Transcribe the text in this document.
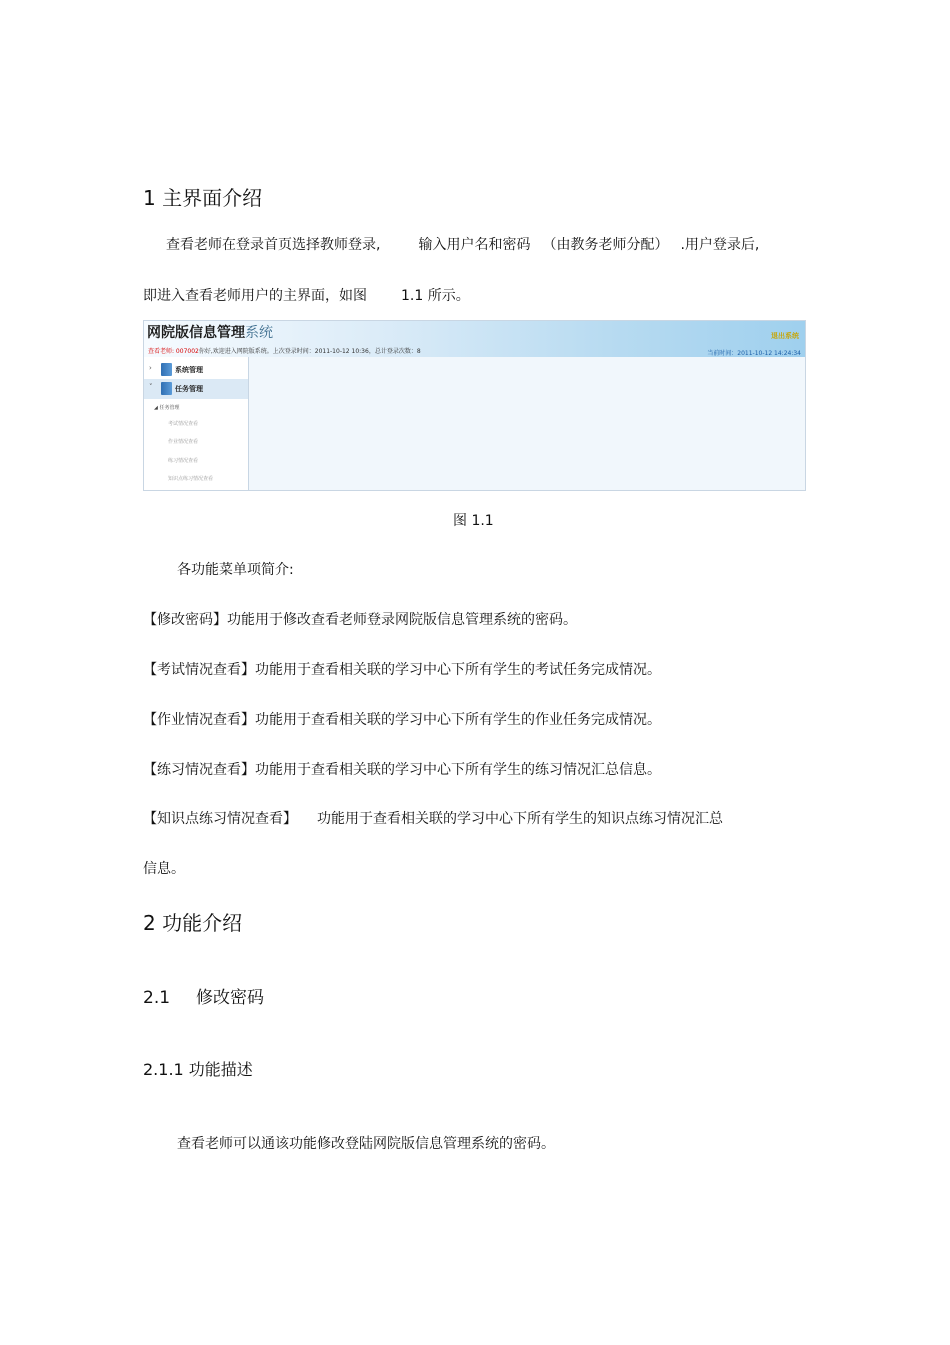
1 主界面介绍
查看老师在登录首页选择教师登录,	输入用户名和密码 （由教务老师分配） .用户登录后,
即进入查看老师用户的主界面，如图 1.1 所示。
网院版信息管理系统	退出系统
查看老师: 007002你好,欢迎进入网院版系统。上次登录时间：2011-10-12 10:36，总计登录次数：8	当前时间：2011-10-12 14:24:34
›	系统管理
˅	任务管理
◢ 任务管理
考试情况查看
作业情况查看
练习情况查看
知识点练习情况查看
图 1.1
各功能菜单项简介:
【修改密码】功能用于修改查看老师登录网院版信息管理系统的密码。
【考试情况查看】功能用于查看相关联的学习中心下所有学生的考试任务完成情况。
【作业情况查看】功能用于查看相关联的学习中心下所有学生的作业任务完成情况。
【练习情况查看】功能用于查看相关联的学习中心下所有学生的练习情况汇总信息。
【知识点练习情况查看】 功能用于查看相关联的学习中心下所有学生的知识点练习情况汇总
信息。
2 功能介绍
2.1 修改密码
2.1.1 功能描述
查看老师可以通该功能修改登陆网院版信息管理系统的密码。
